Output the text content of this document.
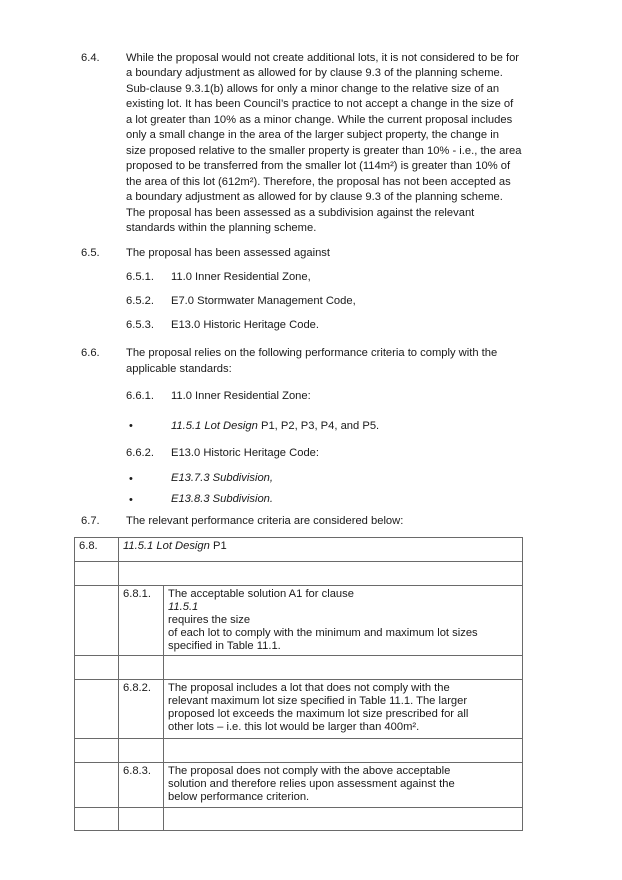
6.4. While the proposal would not create additional lots, it is not considered to be for
a boundary adjustment as allowed for by clause 9.3 of the planning scheme.
Sub-clause 9.3.1(b) allows for only a minor change to the relative size of an
existing lot. It has been Council’s practice to not accept a change in the size of
a lot greater than 10% as a minor change. While the current proposal includes
only a small change in the area of the larger subject property, the change in
size proposed relative to the smaller property is greater than 10% - i.e., the area
proposed to be transferred from the smaller lot (114m²) is greater than 10% of
the area of this lot (612m²). Therefore, the proposal has not been accepted as
a boundary adjustment as allowed for by clause 9.3 of the planning scheme.
The proposal has been assessed as a subdivision against the relevant
standards within the planning scheme.
6.5. The proposal has been assessed against
6.5.1. 11.0 Inner Residential Zone,
6.5.2. E7.0 Stormwater Management Code,
6.5.3. E13.0 Historic Heritage Code.
6.6. The proposal relies on the following performance criteria to comply with the
applicable standards:
6.6.1. 11.0 Inner Residential Zone:
•	11.5.1 Lot Design P1, P2, P3, P4, and P5.
6.6.2. E13.0 Historic Heritage Code:
•	E13.7.3 Subdivision,
•	E13.8.3 Subdivision.
6.7. The relevant performance criteria are considered below:
6.8.	11.5.1 Lot Design P1	

	6.8.1.	The acceptable solution A1 for clause
11.5.1
requires the size
of each lot to comply with the minimum and maximum lot sizes
specified in Table 11.1.

	6.8.2.	The proposal includes a lot that does not comply with the
relevant maximum lot size specified in Table 11.1. The larger
proposed lot exceeds the maximum lot size prescribed for all
other lots – i.e. this lot would be larger than 400m².

	6.8.3.	The proposal does not comply with the above acceptable
solution and therefore relies upon assessment against the
below performance criterion.
